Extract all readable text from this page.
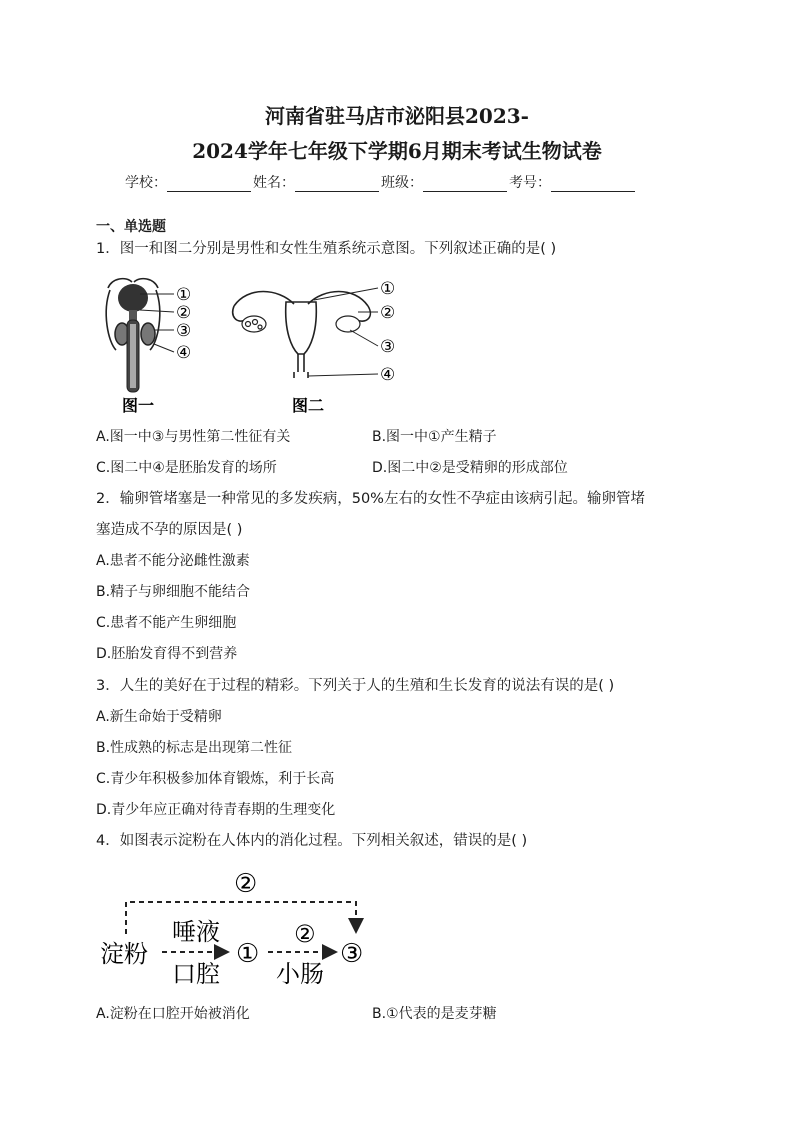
河南省驻马店市泌阳县2023-
2024学年七年级下学期6月期末考试生物试卷
学校：	姓名：	班级：	考号：
一、单选题
1．图一和图二分别是男性和女性生殖系统示意图。下列叙述正确的是( )
①
②
③
④
图一
①
②
③
④
图二
A.图一中③与男性第二性征有关	B.图一中①产生精子
C.图二中④是胚胎发育的场所	D.图二中②是受精卵的形成部位
2．输卵管堵塞是一种常见的多发疾病，50%左右的女性不孕症由该病引起。输卵管堵
塞造成不孕的原因是( )
A.患者不能分泌雌性激素
B.精子与卵细胞不能结合
C.患者不能产生卵细胞
D.胚胎发育得不到营养
3．人生的美好在于过程的精彩。下列关于人的生殖和生长发育的说法有误的是( )
A.新生命始于受精卵
B.性成熟的标志是出现第二性征
C.青少年积极参加体育锻炼，利于长高
D.青少年应正确对待青春期的生理变化
4．如图表示淀粉在人体内的消化过程。下列相关叙述，错误的是( )
②
淀粉
唾液
口腔
①
②
小肠
③
A.淀粉在口腔开始被消化	B.①代表的是麦芽糖
